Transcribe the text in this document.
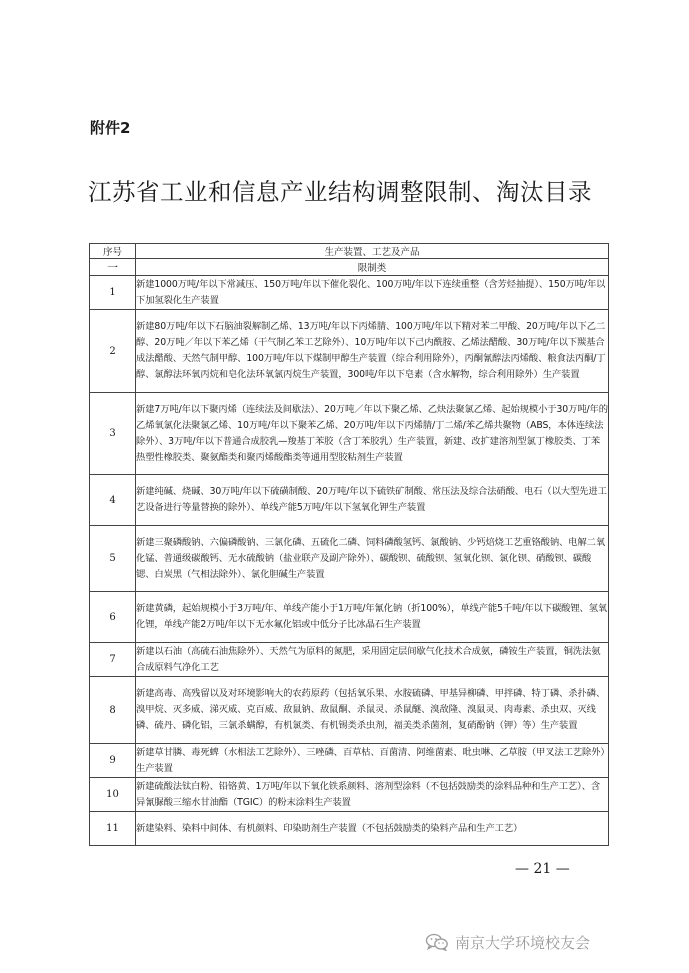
附件2
江苏省工业和信息产业结构调整限制、淘汰目录
序号	生产装置、工艺及产品
一	限制类
1	新建1000万吨/年以下常减压、150万吨/年以下催化裂化、100万吨/年以下连续重整（含芳烃抽提）、150万吨/年以下加氢裂化生产装置
2	新建80万吨/年以下石脑油裂解制乙烯、13万吨/年以下丙烯腈、100万吨/年以下精对苯二甲酸、20万吨/年以下乙二醇、20万吨／年以下苯乙烯（干气制乙苯工艺除外）、10万吨/年以下己内酰胺、乙烯法醋酸、30万吨/年以下羰基合成法醋酸、天然气制甲醇、100万吨/年以下煤制甲醇生产装置（综合利用除外），丙酮氰醇法丙烯酸、粮食法丙酮/丁醇、氯醇法环氧丙烷和皂化法环氧氯丙烷生产装置，300吨/年以下皂素（含水解物，综合利用除外）生产装置
3	新建7万吨/年以下聚丙烯（连续法及间歇法）、20万吨／年以下聚乙烯、乙炔法聚氯乙烯、起始规模小于30万吨/年的乙烯氧氯化法聚氯乙烯、10万吨/年以下聚苯乙烯、20万吨/年以下丙烯腈/丁二烯/苯乙烯共聚物（ABS，本体连续法除外）、3万吨/年以下普通合成胶乳—羧基丁苯胶（含丁苯胶乳）生产装置，新建、改扩建溶剂型氯丁橡胶类、丁苯热塑性橡胶类、聚氨酯类和聚丙烯酸酯类等通用型胶粘剂生产装置
4	新建纯碱、烧碱、30万吨/年以下硫磺制酸、20万吨/年以下硫铁矿制酸、常压法及综合法硝酸、电石（以大型先进工艺设备进行等量替换的除外）、单线产能5万吨/年以下氢氧化钾生产装置
5	新建三聚磷酸钠、六偏磷酸钠、三氯化磷、五硫化二磷、饲料磷酸氢钙、氯酸钠、少钙焙烧工艺重铬酸钠、电解二氧化锰、普通级碳酸钙、无水硫酸钠（盐业联产及副产除外）、碳酸钡、硫酸钡、氢氧化钡、氯化钡、硝酸钡、碳酸锶、白炭黑（气相法除外）、氯化胆碱生产装置
6	新建黄磷，起始规模小于3万吨/年、单线产能小于1万吨/年氰化钠（折100%），单线产能5千吨/年以下碳酸锂、氢氧化锂，单线产能2万吨/年以下无水氟化铝或中低分子比冰晶石生产装置
7	新建以石油（高硫石油焦除外）、天然气为原料的氮肥，采用固定层间歇气化技术合成氨，磷铵生产装置，铜洗法氨合成原料气净化工艺
8	新建高毒、高残留以及对环境影响大的农药原药（包括氧乐果、水胺硫磷、甲基异柳磷、甲拌磷、特丁磷、杀扑磷、溴甲烷、灭多威、涕灭威、克百威、敌鼠钠、敌鼠酮、杀鼠灵、杀鼠醚、溴敌隆、溴鼠灵、肉毒素、杀虫双、灭线磷、硫丹、磷化铝，三氯杀螨醇，有机氯类、有机锡类杀虫剂，福美类杀菌剂，复硝酚钠（钾）等）生产装置
9	新建草甘膦、毒死蜱（水相法工艺除外）、三唑磷、百草枯、百菌清、阿维菌素、吡虫啉、乙草胺（甲叉法工艺除外）生产装置
10	新建硫酸法钛白粉、铅铬黄、1万吨/年以下氧化铁系颜料、溶剂型涂料（不包括鼓励类的涂料品种和生产工艺）、含异氰脲酸三缩水甘油酯（TGIC）的粉末涂料生产装置
11	新建染料、染料中间体、有机颜料、印染助剂生产装置（不包括鼓励类的染料产品和生产工艺）
— 21 —
南京大学环境校友会
